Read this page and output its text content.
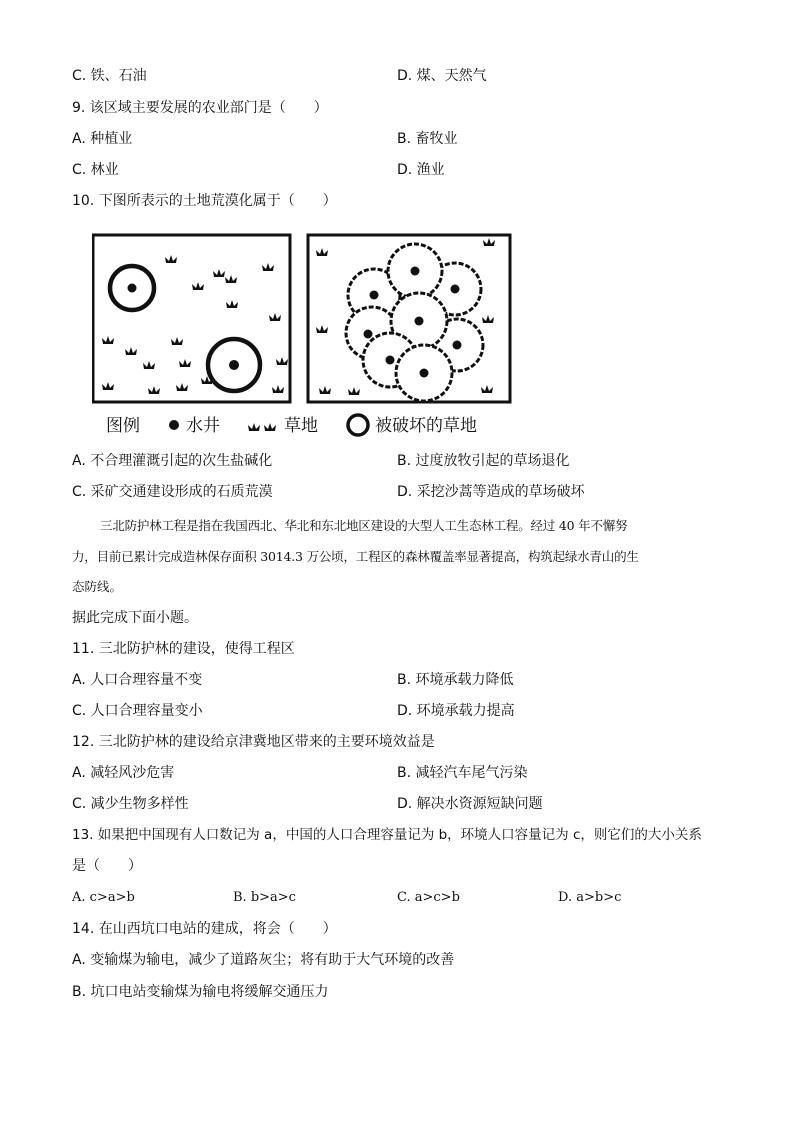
C. 铁、石油	D. 煤、天然气
9. 该区域主要发展的农业部门是（　　）
A. 种植业	B. 畜牧业
C. 林业	D. 渔业
10. 下图所表示的土地荒漠化属于（　　）
图例	水井	草地	被破坏的草地
A. 不合理灌溉引起的次生盐碱化	B. 过度放牧引起的草场退化
C. 采矿交通建设形成的石质荒漠	D. 采挖沙蒿等造成的草场破坏
三北防护林工程是指在我国西北、华北和东北地区建设的大型人工生态林工程。经过 40 年不懈努
力，目前已累计完成造林保存面积 3014.3 万公顷，工程区的森林覆盖率显著提高，构筑起绿水青山的生
态防线。
据此完成下面小题。
11. 三北防护林的建设，使得工程区
A. 人口合理容量不变	B. 环境承载力降低
C. 人口合理容量变小	D. 环境承载力提高
12. 三北防护林的建设给京津冀地区带来的主要环境效益是
A. 减轻风沙危害	B. 减轻汽车尾气污染
C. 减少生物多样性	D. 解决水资源短缺问题
13. 如果把中国现有人口数记为 a，中国的人口合理容量记为 b，环境人口容量记为 c，则它们的大小关系
是（　　）
A. c>a>b	B. b>a>c	C. a>c>b	D. a>b>c
14. 在山西坑口电站的建成，将会（　　）
A. 变输煤为输电，减少了道路灰尘；将有助于大气环境的改善
B. 坑口电站变输煤为输电将缓解交通压力
